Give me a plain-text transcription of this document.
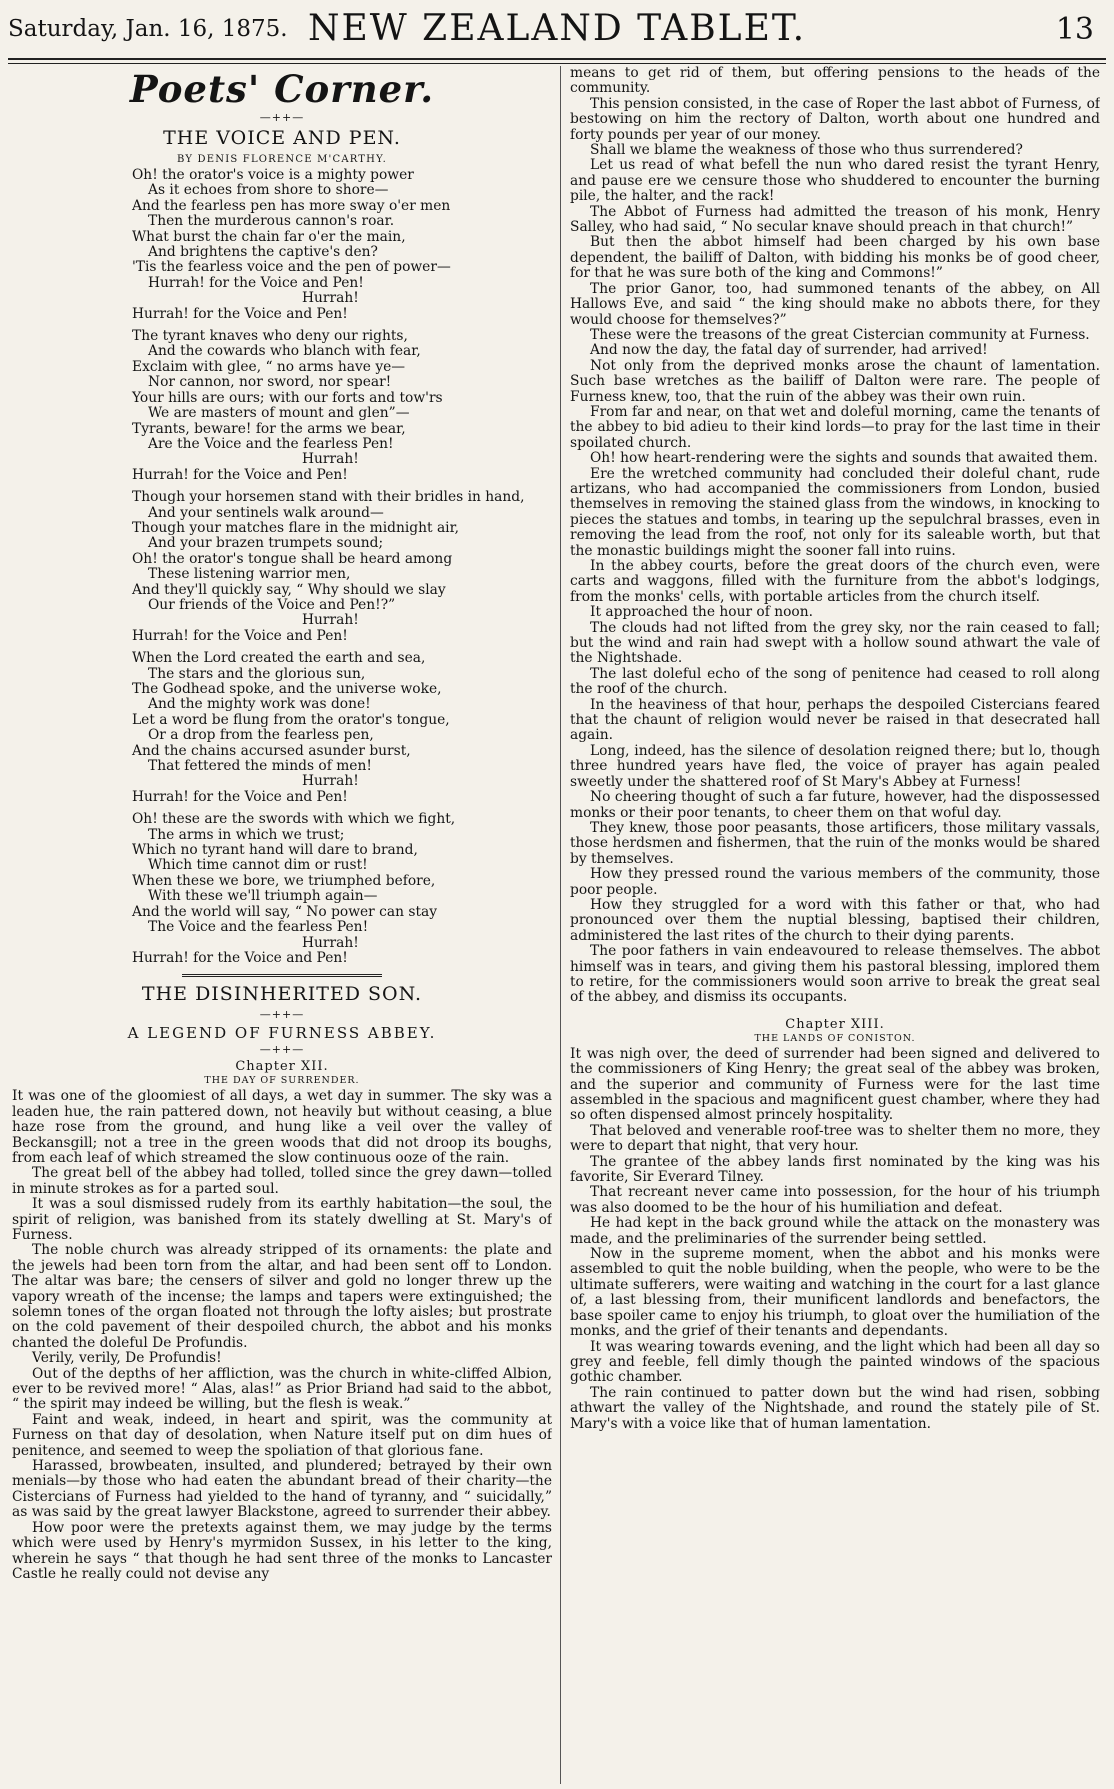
Saturday, Jan. 16, 1875. NEW ZEALAND TABLET.	13
Poets' Corner.
—++—
THE VOICE AND PEN.
BY DENIS FLORENCE M'CARTHY.
Oh! the orator's voice is a mighty power
As it echoes from shore to shore—
And the fearless pen has more sway o'er men
Then the murderous cannon's roar.
What burst the chain far o'er the main,
And brightens the captive's den?
'Tis the fearless voice and the pen of power—
Hurrah! for the Voice and Pen!
Hurrah!
Hurrah! for the Voice and Pen!
The tyrant knaves who deny our rights,
And the cowards who blanch with fear,
Exclaim with glee, “ no arms have ye—
Nor cannon, nor sword, nor spear!
Your hills are ours; with our forts and tow'rs
We are masters of mount and glen”—
Tyrants, beware! for the arms we bear,
Are the Voice and the fearless Pen!
Hurrah!
Hurrah! for the Voice and Pen!
Though your horsemen stand with their bridles in hand,
And your sentinels walk around—
Though your matches flare in the midnight air,
And your brazen trumpets sound;
Oh! the orator's tongue shall be heard among
These listening warrior men,
And they'll quickly say, “ Why should we slay
Our friends of the Voice and Pen!?”
Hurrah!
Hurrah! for the Voice and Pen!
When the Lord created the earth and sea,
The stars and the glorious sun,
The Godhead spoke, and the universe woke,
And the mighty work was done!
Let a word be flung from the orator's tongue,
Or a drop from the fearless pen,
And the chains accursed asunder burst,
That fettered the minds of men!
Hurrah!
Hurrah! for the Voice and Pen!
Oh! these are the swords with which we fight,
The arms in which we trust;
Which no tyrant hand will dare to brand,
Which time cannot dim or rust!
When these we bore, we triumphed before,
With these we'll triumph again—
And the world will say, “ No power can stay
The Voice and the fearless Pen!
Hurrah!
Hurrah! for the Voice and Pen!
THE DISINHERITED SON.
—++—
A LEGEND OF FURNESS ABBEY.
—++—
Chapter XII.
THE DAY OF SURRENDER.

It was one of the gloomiest of all days, a wet day in summer. The sky was a leaden hue, the rain pattered down, not heavily but without ceasing, a blue haze rose from the ground, and hung like a veil over the valley of Beckansgill; not a tree in the green woods that did not droop its boughs, from each leaf of which streamed the slow continuous ooze of the rain.

The great bell of the abbey had tolled, tolled since the grey dawn—tolled in minute strokes as for a parted soul.

It was a soul dismissed rudely from its earthly habitation—the soul, the spirit of religion, was banished from its stately dwelling at St. Mary's of Furness.

The noble church was already stripped of its ornaments: the plate and the jewels had been torn from the altar, and had been sent off to London. The altar was bare; the censers of silver and gold no longer threw up the vapory wreath of the incense; the lamps and tapers were extinguished; the solemn tones of the organ floated not through the lofty aisles; but prostrate on the cold pavement of their despoiled church, the abbot and his monks chanted the doleful De Profundis.

Verily, verily, De Profundis!

Out of the depths of her affliction, was the church in white-cliffed Albion, ever to be revived more! “ Alas, alas!” as Prior Briand had said to the abbot, “ the spirit may indeed be willing, but the flesh is weak.”

Faint and weak, indeed, in heart and spirit, was the community at Furness on that day of desolation, when Nature itself put on dim hues of penitence, and seemed to weep the spoliation of that glorious fane.

Harassed, browbeaten, insulted, and plundered; betrayed by their own menials—by those who had eaten the abundant bread of their charity—the Cistercians of Furness had yielded to the hand of tyranny, and “ suicidally,” as was said by the great lawyer Blackstone, agreed to surrender their abbey.

How poor were the pretexts against them, we may judge by the terms which were used by Henry's myrmidon Sussex, in his letter to the king, wherein he says “ that though he had sent three of the monks to Lancaster Castle he really could not devise any

means to get rid of them, but offering pensions to the heads of the community.

This pension consisted, in the case of Roper the last abbot of Furness, of bestowing on him the rectory of Dalton, worth about one hundred and forty pounds per year of our money.

Shall we blame the weakness of those who thus surrendered?

Let us read of what befell the nun who dared resist the tyrant Henry, and pause ere we censure those who shuddered to encounter the burning pile, the halter, and the rack!

The Abbot of Furness had admitted the treason of his monk, Henry Salley, who had said, “ No secular knave should preach in that church!”

But then the abbot himself had been charged by his own base dependent, the bailiff of Dalton, with bidding his monks be of good cheer, for that he was sure both of the king and Commons!”

The prior Ganor, too, had summoned tenants of the abbey, on All Hallows Eve, and said “ the king should make no abbots there, for they would choose for themselves?”

These were the treasons of the great Cistercian community at Furness.

And now the day, the fatal day of surrender, had arrived!

Not only from the deprived monks arose the chaunt of lamentation. Such base wretches as the bailiff of Dalton were rare. The people of Furness knew, too, that the ruin of the abbey was their own ruin.

From far and near, on that wet and doleful morning, came the tenants of the abbey to bid adieu to their kind lords—to pray for the last time in their spoilated church.

Oh! how heart-rendering were the sights and sounds that awaited them.

Ere the wretched community had concluded their doleful chant, rude artizans, who had accompanied the commissioners from London, busied themselves in removing the stained glass from the windows, in knocking to pieces the statues and tombs, in tearing up the sepulchral brasses, even in removing the lead from the roof, not only for its saleable worth, but that the monastic buildings might the sooner fall into ruins.

In the abbey courts, before the great doors of the church even, were carts and waggons, filled with the furniture from the abbot's lodgings, from the monks' cells, with portable articles from the church itself.

It approached the hour of noon.

The clouds had not lifted from the grey sky, nor the rain ceased to fall; but the wind and rain had swept with a hollow sound athwart the vale of the Nightshade.

The last doleful echo of the song of penitence had ceased to roll along the roof of the church.

In the heaviness of that hour, perhaps the despoiled Cistercians feared that the chaunt of religion would never be raised in that desecrated hall again.

Long, indeed, has the silence of desolation reigned there; but lo, though three hundred years have fled, the voice of prayer has again pealed sweetly under the shattered roof of St Mary's Abbey at Furness!

No cheering thought of such a far future, however, had the dispossessed monks or their poor tenants, to cheer them on that woful day.

They knew, those poor peasants, those artificers, those military vassals, those herdsmen and fishermen, that the ruin of the monks would be shared by themselves.

How they pressed round the various members of the community, those poor people.

How they struggled for a word with this father or that, who had pronounced over them the nuptial blessing, baptised their children, administered the last rites of the church to their dying parents.

The poor fathers in vain endeavoured to release themselves. The abbot himself was in tears, and giving them his pastoral blessing, implored them to retire, for the commissioners would soon arrive to break the great seal of the abbey, and dismiss its occupants.

Chapter XIII.
THE LANDS OF CONISTON.

It was nigh over, the deed of surrender had been signed and delivered to the commissioners of King Henry; the great seal of the abbey was broken, and the superior and community of Furness were for the last time assembled in the spacious and magnificent guest chamber, where they had so often dispensed almost princely hospitality.

That beloved and venerable roof-tree was to shelter them no more, they were to depart that night, that very hour.

The grantee of the abbey lands first nominated by the king was his favorite, Sir Everard Tilney.

That recreant never came into possession, for the hour of his triumph was also doomed to be the hour of his humiliation and defeat.

He had kept in the back ground while the attack on the monastery was made, and the preliminaries of the surrender being settled.

Now in the supreme moment, when the abbot and his monks were assembled to quit the noble building, when the people, who were to be the ultimate sufferers, were waiting and watching in the court for a last glance of, a last blessing from, their munificent landlords and benefactors, the base spoiler came to enjoy his triumph, to gloat over the humiliation of the monks, and the grief of their tenants and dependants.

It was wearing towards evening, and the light which had been all day so grey and feeble, fell dimly though the painted windows of the spacious gothic chamber.

The rain continued to patter down but the wind had risen, sobbing athwart the valley of the Nightshade, and round the stately pile of St. Mary's with a voice like that of human lamentation.
